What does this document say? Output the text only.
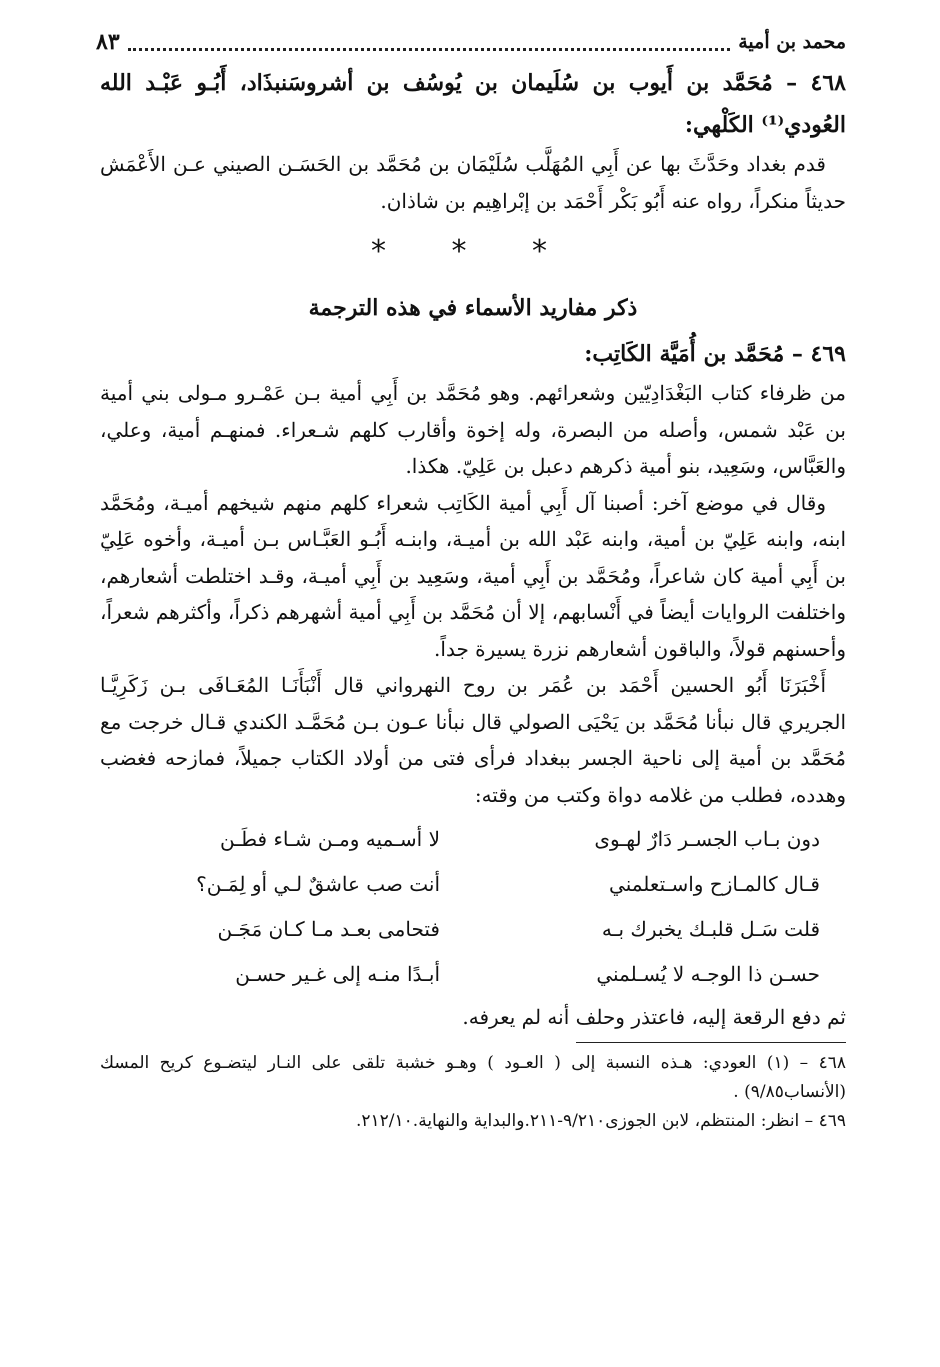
محمد بن أمية
٨٣

٤٦٨ – مُحَمَّد بن أَيوب بن سُلَيمان بن يُوسُف بن أشروسَنبذَاد، أَبُـو عَبْـد الله العُودي⁽¹⁾ الكَلْهي:

قدم بغداد وحَدَّثَ بها عن أَبِي المُهَلَّب سُلَيْمَان بن مُحَمَّد بن الحَسَـن الصيني عـن الأَعْمَش حديثاً منكراً، رواه عنه أَبُو بَكْر أَحْمَد بن إبْراهِيم بن شاذان.

* * *

ذكر مفاريد الأسماء في هذه الترجمة

٤٦٩ – مُحَمَّد بن أُمَيَّة الكَاتِب:

من ظرفاء كتاب البَغْدَادِيّين وشعرائهم. وهو مُحَمَّد بن أَبِي أمية بـن عَمْـرو مـولى بني أمية بن عَبْد شمس، وأصله من البصرة، وله إخوة وأقارب كلهم شـعراء. فمنهـم أمية، وعلي، والعَبَّاس، وسَعِيد، بنو أمية ذكرهم دعبل بن عَلِيّ. هكذا.

وقال في موضع آخر: أصبنا آل أَبِي أمية الكَاتِب شعراء كلهم منهم شيخهم أميـة، ومُحَمَّد ابنه، وابنه عَلِيّ بن أمية، وابنه عَبْد الله بن أميـة، وابنـه أَبُـو العَبَّـاس بـن أميـة، وأخوه عَلِيّ بن أَبِي أمية كان شاعراً، ومُحَمَّد بن أَبِي أمية، وسَعِيد بن أَبِي أميـة، وقـد اختلطت أشعارهم، واختلفت الروايات أيضاً في أَنْسابهم، إلا أن مُحَمَّد بن أَبِي أمية أشهرهم ذكراً، وأكثرهم شعراً، وأحسنهم قولاً، والباقون أشعارهم نزرة يسيرة جداً.

أَخْبَرَنَا أَبُو الحسين أَحْمَد بن عُمَر بن روح النهرواني قال أَنْبَأَنَـا المُعَـافَى بـن زَكَرِيَّـا الجريري قال نبأنا مُحَمَّد بن يَحْيَى الصولي قال نبأنا عـون بـن مُحَمَّـد الكندي قـال خرجت مع مُحَمَّد بن أمية إلى ناحية الجسر ببغداد فرأى فتى من أولاد الكتاب جميلاً، فمازحه فغضب وهدده، فطلب من غلامه دواة وكتب من وقته:

دون بـاب الجسـر دَارٌ لهـوى
لا أسـميه ومـن شـاء فطَـن
قـال كالمـازح واسـتعلمني
أنت صب عاشقٌ لـي أو لِمَـن؟
قلت سَـل قلبـك يخبرك بـه
فتحامى بعـد مـا كـان مَجَـن
حسـن ذا الوجـه لا يُسـلمني
أبـدًا منـه إلى غـير حسـن

ثم دفع الرقعة إليه، فاعتذر وحلف أنه لم يعرفه.

٤٦٨ – (١) العودي: هـذه النسبة إلى ( العـود ) وهـو خشبة تلقى على النـار ليتضـوع كريح المسك (الأنساب٩/٨٥) .

٤٦٩ – انظر: المنتظم، لابن الجوزى٩/٢١٠-٢١١.والبداية والنهاية.٢١٢/١٠.
